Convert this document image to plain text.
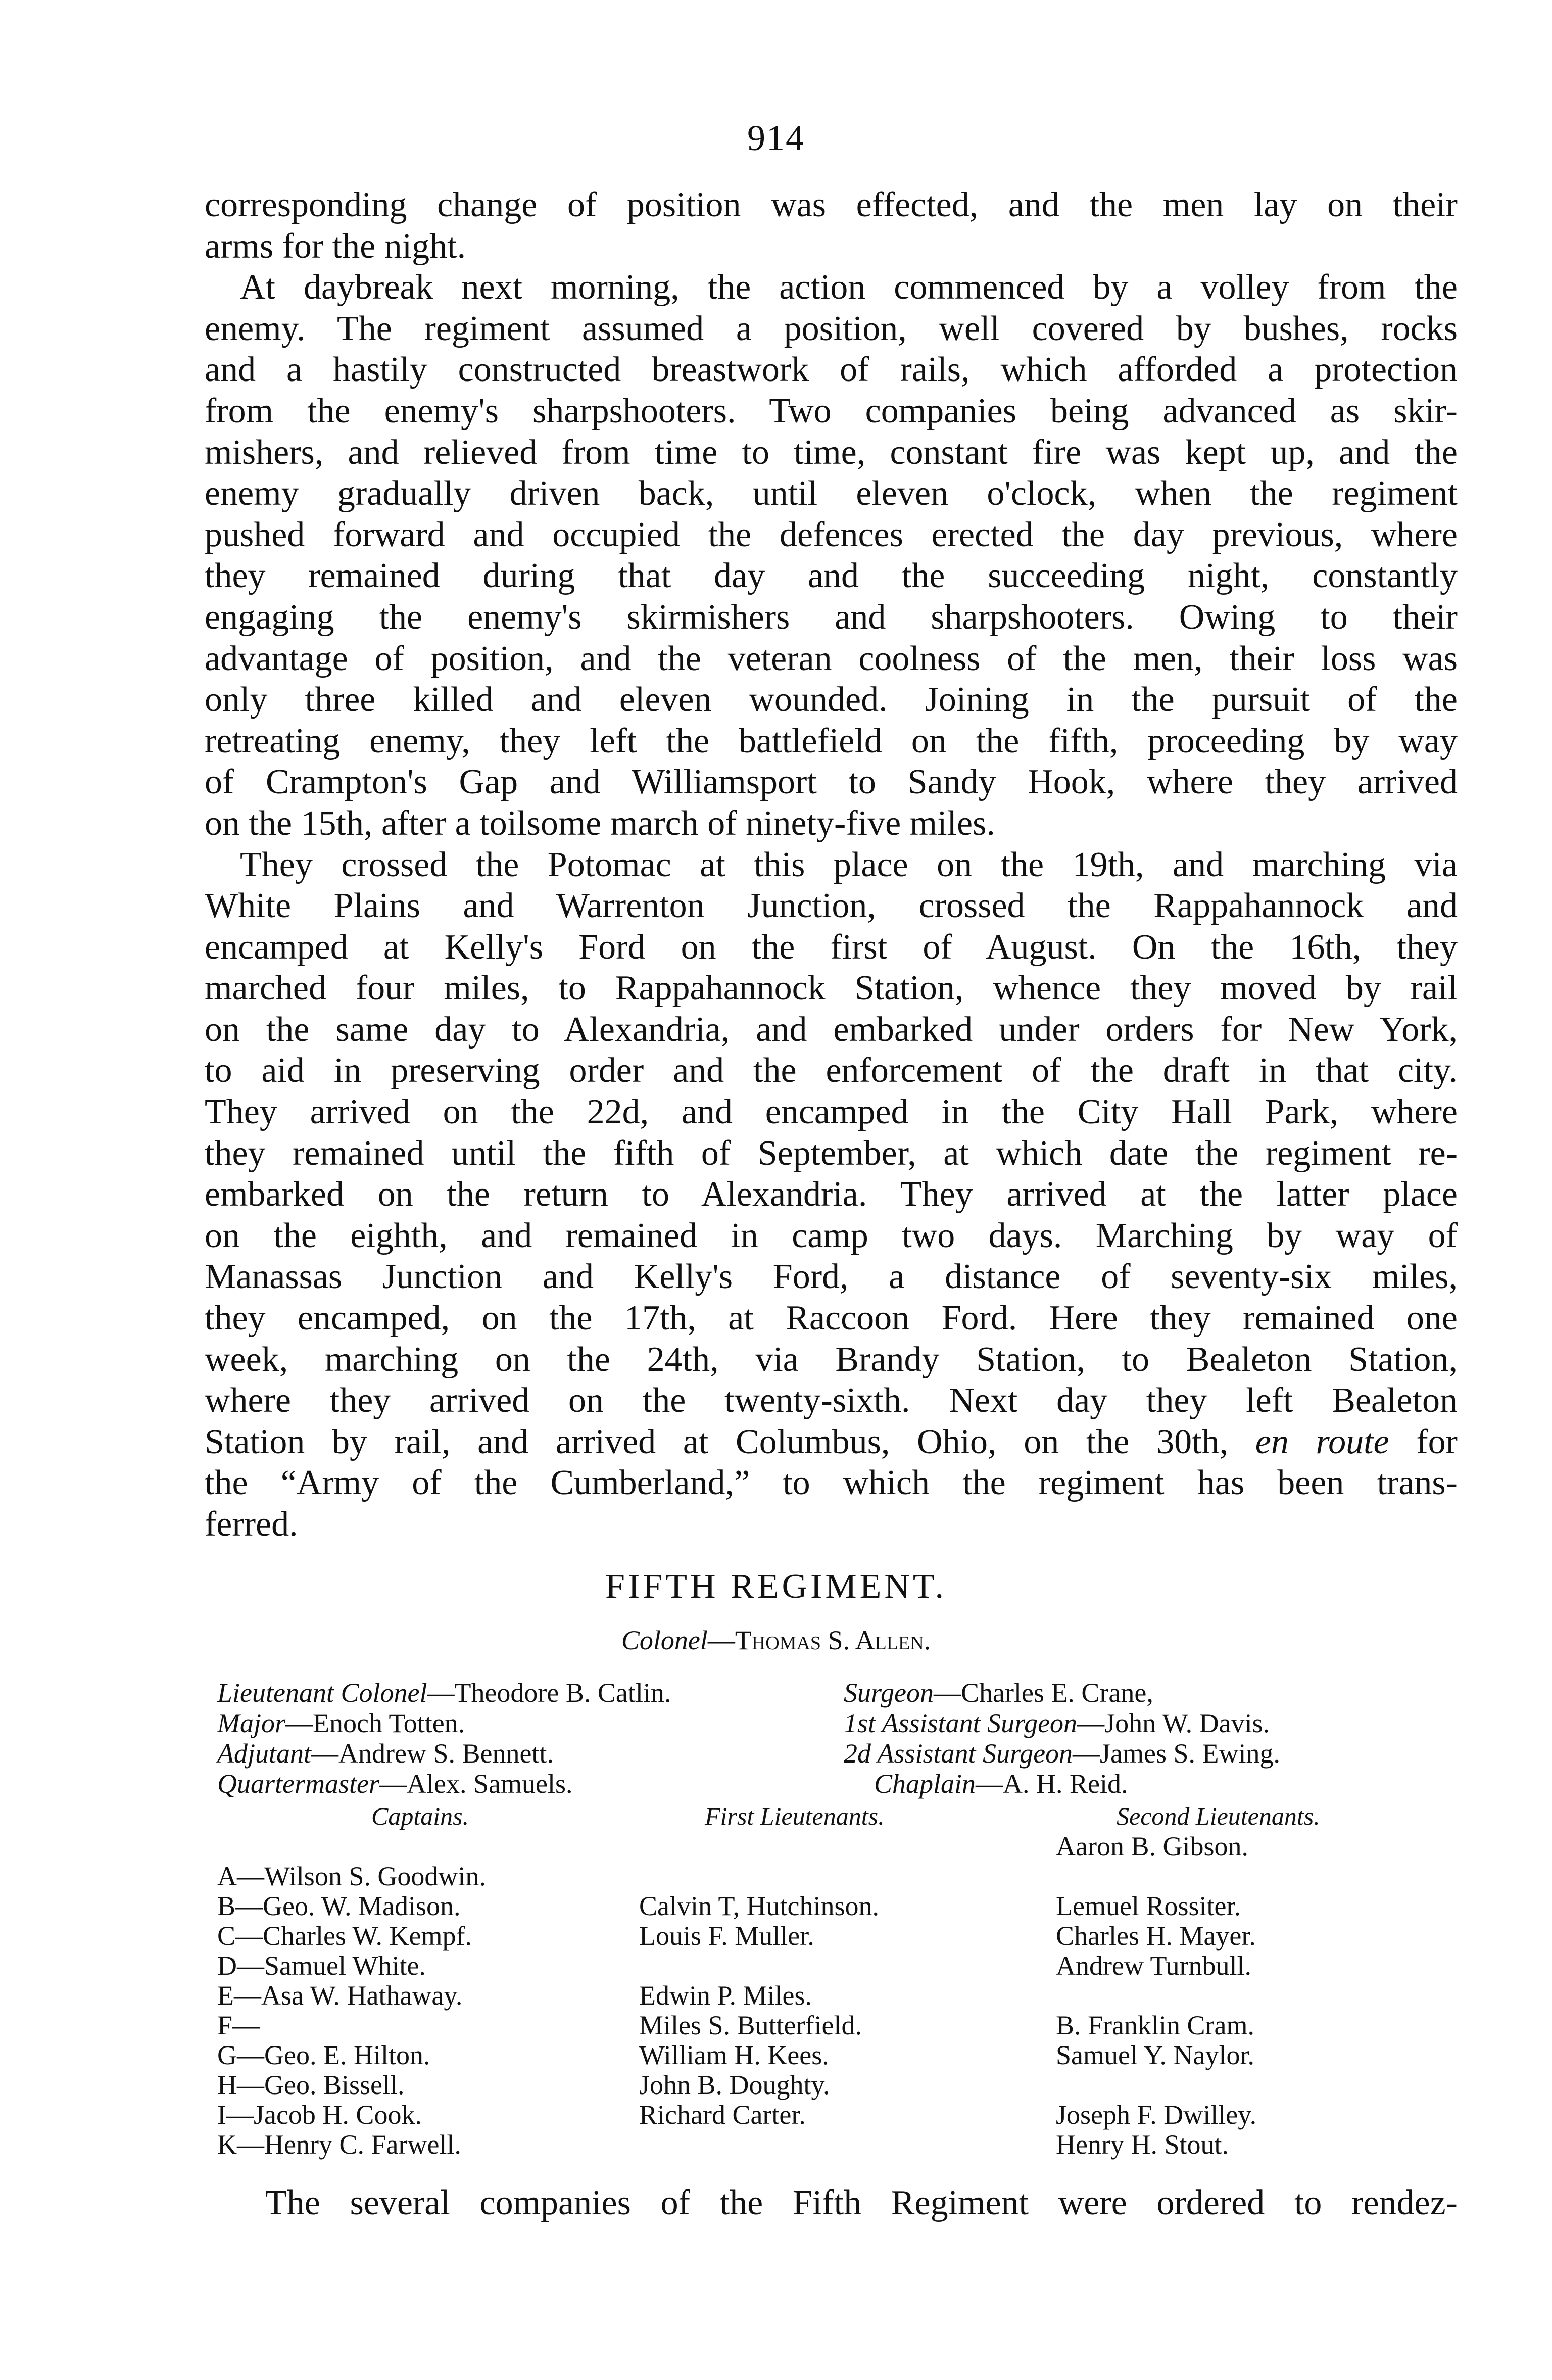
914
corresponding change of position was effected, and the men lay on their
arms for the night.
At daybreak next morning, the action commenced by a volley from the
enemy. The regiment assumed a position, well covered by bushes, rocks
and a hastily constructed breastwork of rails, which afforded a protection
from the enemy's sharpshooters. Two companies being advanced as skir-
mishers, and relieved from time to time, constant fire was kept up, and the
enemy gradually driven back, until eleven o'clock, when the regiment
pushed forward and occupied the defences erected the day previous, where
they remained during that day and the succeeding night, constantly
engaging the enemy's skirmishers and sharpshooters. Owing to their
advantage of position, and the veteran coolness of the men, their loss was
only three killed and eleven wounded. Joining in the pursuit of the
retreating enemy, they left the battlefield on the fifth, proceeding by way
of Crampton's Gap and Williamsport to Sandy Hook, where they arrived
on the 15th, after a toilsome march of ninety-five miles.
They crossed the Potomac at this place on the 19th, and marching via
White Plains and Warrenton Junction, crossed the Rappahannock and
encamped at Kelly's Ford on the first of August. On the 16th, they
marched four miles, to Rappahannock Station, whence they moved by rail
on the same day to Alexandria, and embarked under orders for New York,
to aid in preserving order and the enforcement of the draft in that city.
They arrived on the 22d, and encamped in the City Hall Park, where
they remained until the fifth of September, at which date the regiment re-
embarked on the return to Alexandria. They arrived at the latter place
on the eighth, and remained in camp two days. Marching by way of
Manassas Junction and Kelly's Ford, a distance of seventy-six miles,
they encamped, on the 17th, at Raccoon Ford. Here they remained one
week, marching on the 24th, via Brandy Station, to Bealeton Station,
where they arrived on the twenty-sixth. Next day they left Bealeton
Station by rail, and arrived at Columbus, Ohio, on the 30th, en route for
the “Army of the Cumberland,” to which the regiment has been trans-
ferred.
FIFTH REGIMENT.
Colonel—Thomas S. Allen.
Lieutenant Colonel—Theodore B. Catlin.
Major—Enoch Totten.
Adjutant—Andrew S. Bennett.
Quartermaster—Alex. Samuels.
Surgeon—Charles E. Crane,
1st Assistant Surgeon—John W. Davis.
2d Assistant Surgeon—James S. Ewing.
Chaplain—A. H. Reid.
Captains.	First Lieutenants.	Second Lieutenants.
A—Wilson S. Goodwin.
B—Geo. W. Madison.
C—Charles W. Kempf.
D—Samuel White.
E—Asa W. Hathaway.
F—
G—Geo. E. Hilton.
H—Geo. Bissell.
I—Jacob H. Cook.
K—Henry C. Farwell.
Calvin T, Hutchinson.
Louis F. Muller.
Edwin P. Miles.
Miles S. Butterfield.
William H. Kees.
John B. Doughty.
Richard Carter.
Aaron B. Gibson.
Lemuel Rossiter.
Charles H. Mayer.
Andrew Turnbull.
B. Franklin Cram.
Samuel Y. Naylor.
Joseph F. Dwilley.
Henry H. Stout.
The several companies of the Fifth Regiment were ordered to rendez-
